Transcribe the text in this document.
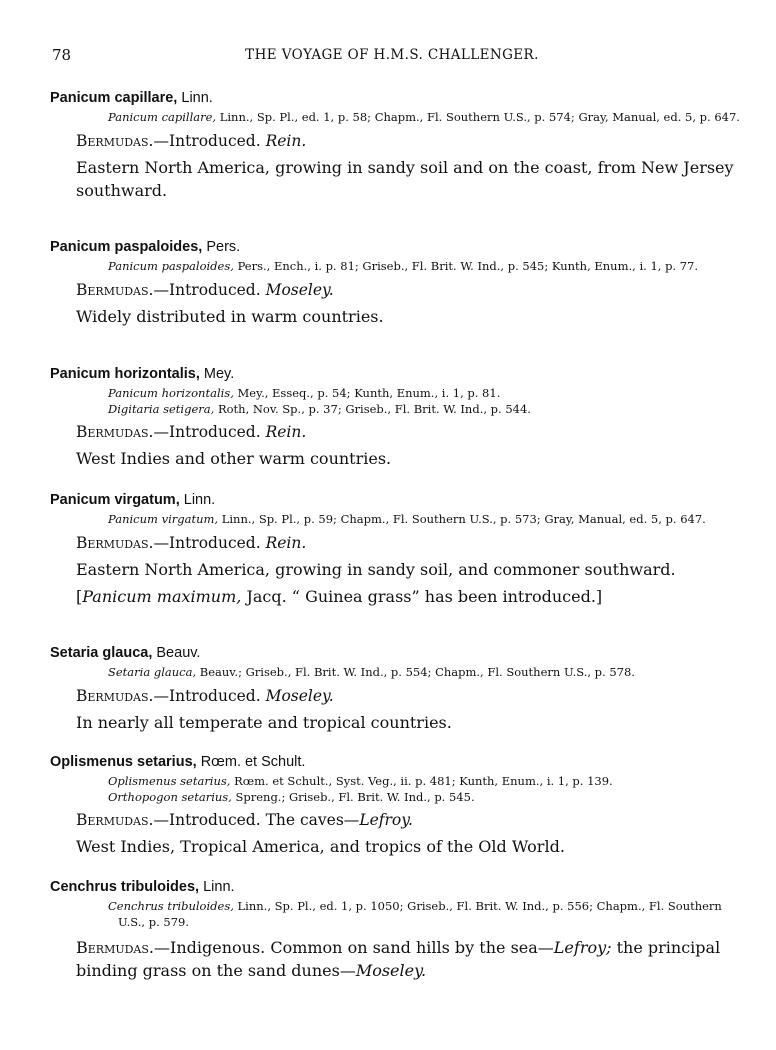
78	THE VOYAGE OF H.M.S. CHALLENGER.

Panicum capillare, Linn.

Panicum capillare, Linn., Sp. Pl., ed. 1, p. 58; Chapm., Fl. Southern U.S., p. 574; Gray, Manual, ed. 5, p. 647.

Bermudas.—Introduced. Rein.

Eastern North America, growing in sandy soil and on the coast, from New Jersey southward.

Panicum paspaloides, Pers.

Panicum paspaloides, Pers., Ench., i. p. 81; Griseb., Fl. Brit. W. Ind., p. 545; Kunth, Enum., i. 1, p. 77.

Bermudas.—Introduced. Moseley.

Widely distributed in warm countries.

Panicum horizontalis, Mey.

Panicum horizontalis, Mey., Esseq., p. 54; Kunth, Enum., i. 1, p. 81.
Digitaria setigera, Roth, Nov. Sp., p. 37; Griseb., Fl. Brit. W. Ind., p. 544.

Bermudas.—Introduced. Rein.

West Indies and other warm countries.

Panicum virgatum, Linn.

Panicum virgatum, Linn., Sp. Pl., p. 59; Chapm., Fl. Southern U.S., p. 573; Gray, Manual, ed. 5, p. 647.

Bermudas.—Introduced. Rein.

Eastern North America, growing in sandy soil, and commoner southward.

[Panicum maximum, Jacq. “ Guinea grass” has been introduced.]

Setaria glauca, Beauv.

Setaria glauca, Beauv.; Griseb., Fl. Brit. W. Ind., p. 554; Chapm., Fl. Southern U.S., p. 578.

Bermudas.—Introduced. Moseley.

In nearly all temperate and tropical countries.

Oplismenus setarius, Rœm. et Schult.

Oplismenus setarius, Rœm. et Schult., Syst. Veg., ii. p. 481; Kunth, Enum., i. 1, p. 139.
Orthopogon setarius, Spreng.; Griseb., Fl. Brit. W. Ind., p. 545.

Bermudas.—Introduced. The caves—Lefroy.

West Indies, Tropical America, and tropics of the Old World.

Cenchrus tribuloides, Linn.

Cenchrus tribuloides, Linn., Sp. Pl., ed. 1, p. 1050; Griseb., Fl. Brit. W. Ind., p. 556; Chapm., Fl. Southern U.S., p. 579.

Bermudas.—Indigenous. Common on sand hills by the sea—Lefroy; the principal binding grass on the sand dunes—Moseley.
